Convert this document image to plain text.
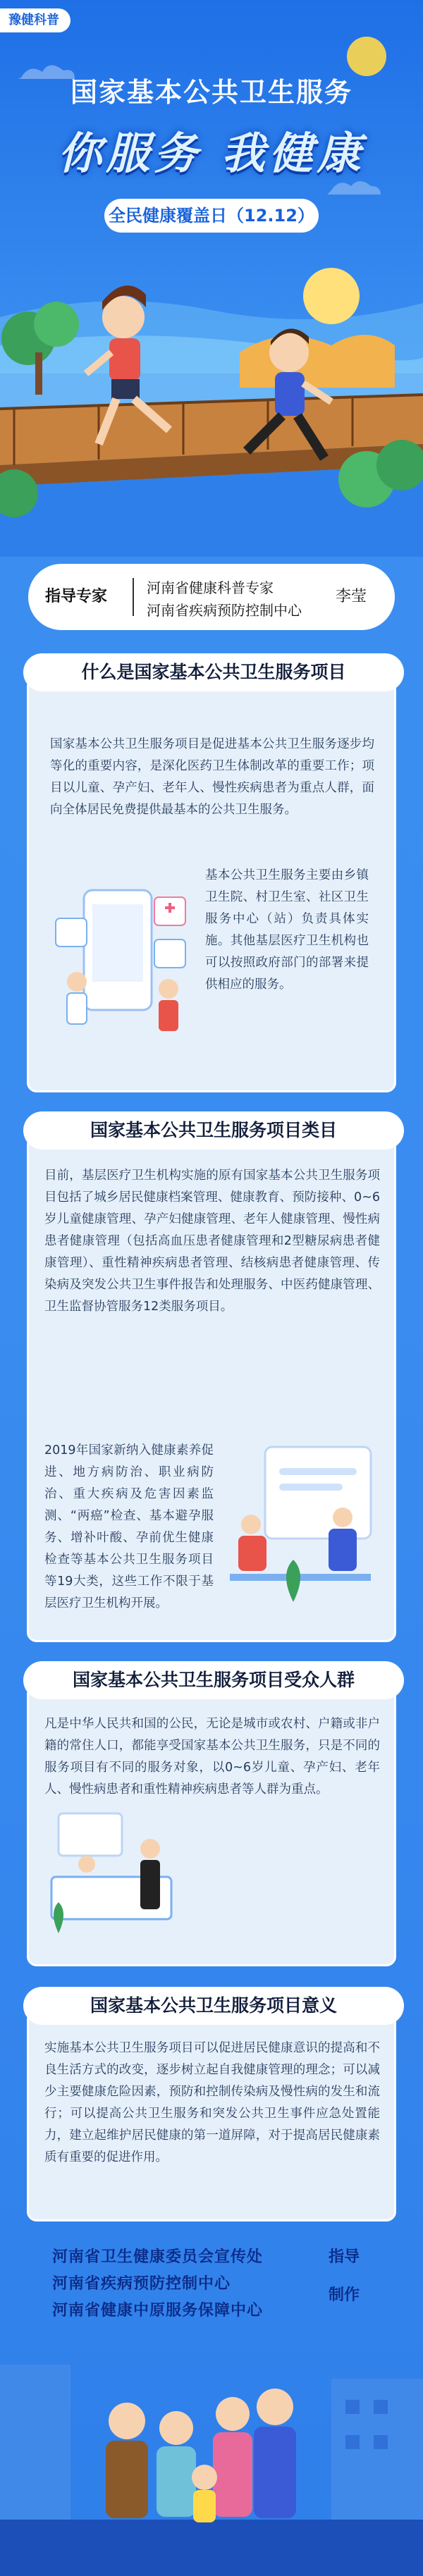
豫健科普
国家基本公共卫生服务
你服务 我健康
全民健康覆盖日（12.12）
指导专家	河南省健康科普专家
河南省疾病预防控制中心
李莹
什么是国家基本公共卫生服务项目

国家基本公共卫生服务项目是促进基本公共卫生服务逐步均等化的重要内容，是深化医药卫生体制改革的重要工作；项目以儿童、孕产妇、老年人、慢性疾病患者为重点人群，面向全体居民免费提供最基本的公共卫生服务。

基本公共卫生服务主要由乡镇卫生院、村卫生室、社区卫生服务中心（站）负责具体实施。其他基层医疗卫生机构也可以按照政府部门的部署来提供相应的服务。

国家基本公共卫生服务项目类目

目前，基层医疗卫生机构实施的原有国家基本公共卫生服务项目包括了城乡居民健康档案管理、健康教育、预防接种、0~6岁儿童健康管理、孕产妇健康管理、老年人健康管理、慢性病患者健康管理（包括高血压患者健康管理和2型糖尿病患者健康管理）、重性精神疾病患者管理、结核病患者健康管理、传染病及突发公共卫生事件报告和处理服务、中医药健康管理、卫生监督协管服务12类服务项目。

2019年国家新纳入健康素养促进、地方病防治、职业病防治、重大疾病及危害因素监测、“两癌”检查、基本避孕服务、增补叶酸、孕前优生健康检查等基本公共卫生服务项目等19大类，这些工作不限于基层医疗卫生机构开展。

国家基本公共卫生服务项目受众人群

凡是中华人民共和国的公民，无论是城市或农村、户籍或非户籍的常住人口，都能享受国家基本公共卫生服务，只是不同的服务项目有不同的服务对象，以0~6岁儿童、孕产妇、老年人、慢性病患者和重性精神疾病患者等人群为重点。

国家基本公共卫生服务项目意义

实施基本公共卫生服务项目可以促进居民健康意识的提高和不良生活方式的改变，逐步树立起自我健康管理的理念；可以减少主要健康危险因素，预防和控制传染病及慢性病的发生和流行；可以提高公共卫生服务和突发公共卫生事件应急处置能力，建立起维护居民健康的第一道屏障，对于提高居民健康素质有重要的促进作用。

河南省卫生健康委员会宣传处
河南省疾病预防控制中心
河南省健康中原服务保障中心
指导
制作
